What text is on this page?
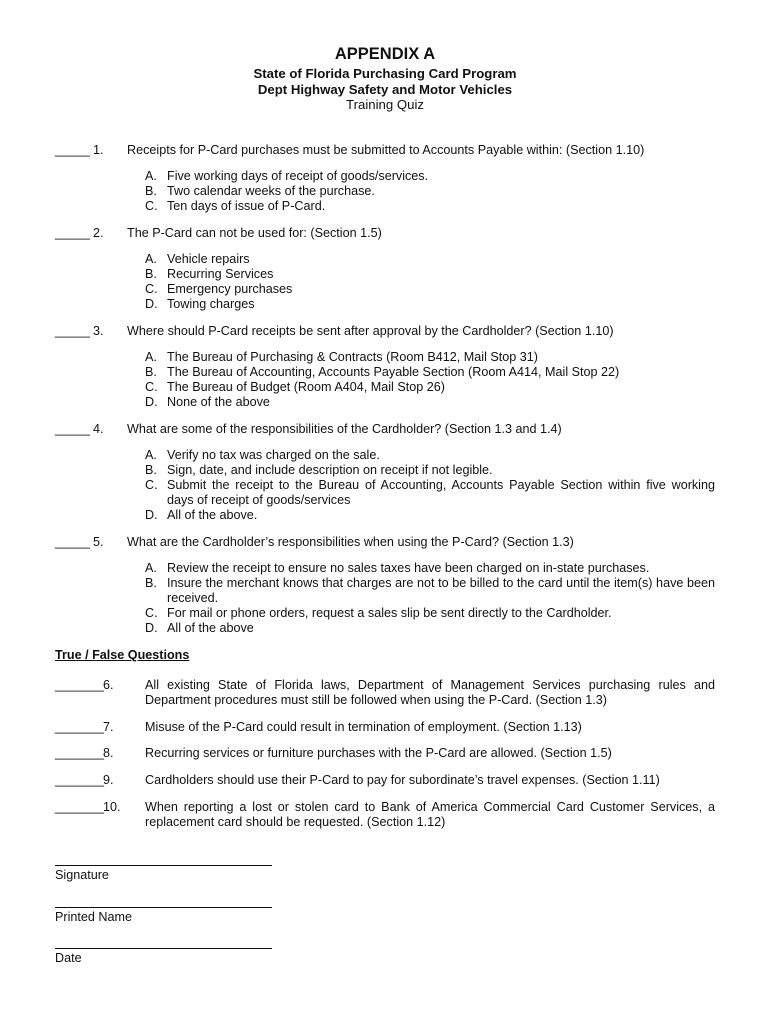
APPENDIX A
State of Florida Purchasing Card Program
Dept Highway Safety and Motor Vehicles
Training Quiz
_____ 1. Receipts for P-Card purchases must be submitted to Accounts Payable within: (Section 1.10)
A. Five working days of receipt of goods/services.
B. Two calendar weeks of the purchase.
C. Ten days of issue of P-Card.
_____ 2. The P-Card can not be used for: (Section 1.5)
A. Vehicle repairs
B. Recurring Services
C. Emergency purchases
D. Towing charges
_____ 3. Where should P-Card receipts be sent after approval by the Cardholder? (Section 1.10)
A. The Bureau of Purchasing & Contracts (Room B412, Mail Stop 31)
B. The Bureau of Accounting, Accounts Payable Section (Room A414, Mail Stop 22)
C. The Bureau of Budget (Room A404, Mail Stop 26)
D. None of the above
_____ 4. What are some of the responsibilities of the Cardholder? (Section 1.3 and 1.4)
A. Verify no tax was charged on the sale.
B. Sign, date, and include description on receipt if not legible.
C. Submit the receipt to the Bureau of Accounting, Accounts Payable Section within five working days of receipt of goods/services
D. All of the above.
_____ 5. What are the Cardholder’s responsibilities when using the P-Card? (Section 1.3)
A. Review the receipt to ensure no sales taxes have been charged on in-state purchases.
B. Insure the merchant knows that charges are not to be billed to the card until the item(s) have been received.
C. For mail or phone orders, request a sales slip be sent directly to the Cardholder.
D. All of the above
True / False Questions
_______
6. All existing State of Florida laws, Department of Management Services purchasing rules and Department procedures must still be followed when using the P-Card. (Section 1.3)
_______
7. Misuse of the P-Card could result in termination of employment. (Section 1.13)
_______
8. Recurring services or furniture purchases with the P-Card are allowed. (Section 1.5)
_______
9. Cardholders should use their P-Card to pay for subordinate’s travel expenses. (Section 1.11)
_______
10. When reporting a lost or stolen card to Bank of America Commercial Card Customer Services, a replacement card should be requested. (Section 1.12)
Signature
Printed Name
Date
